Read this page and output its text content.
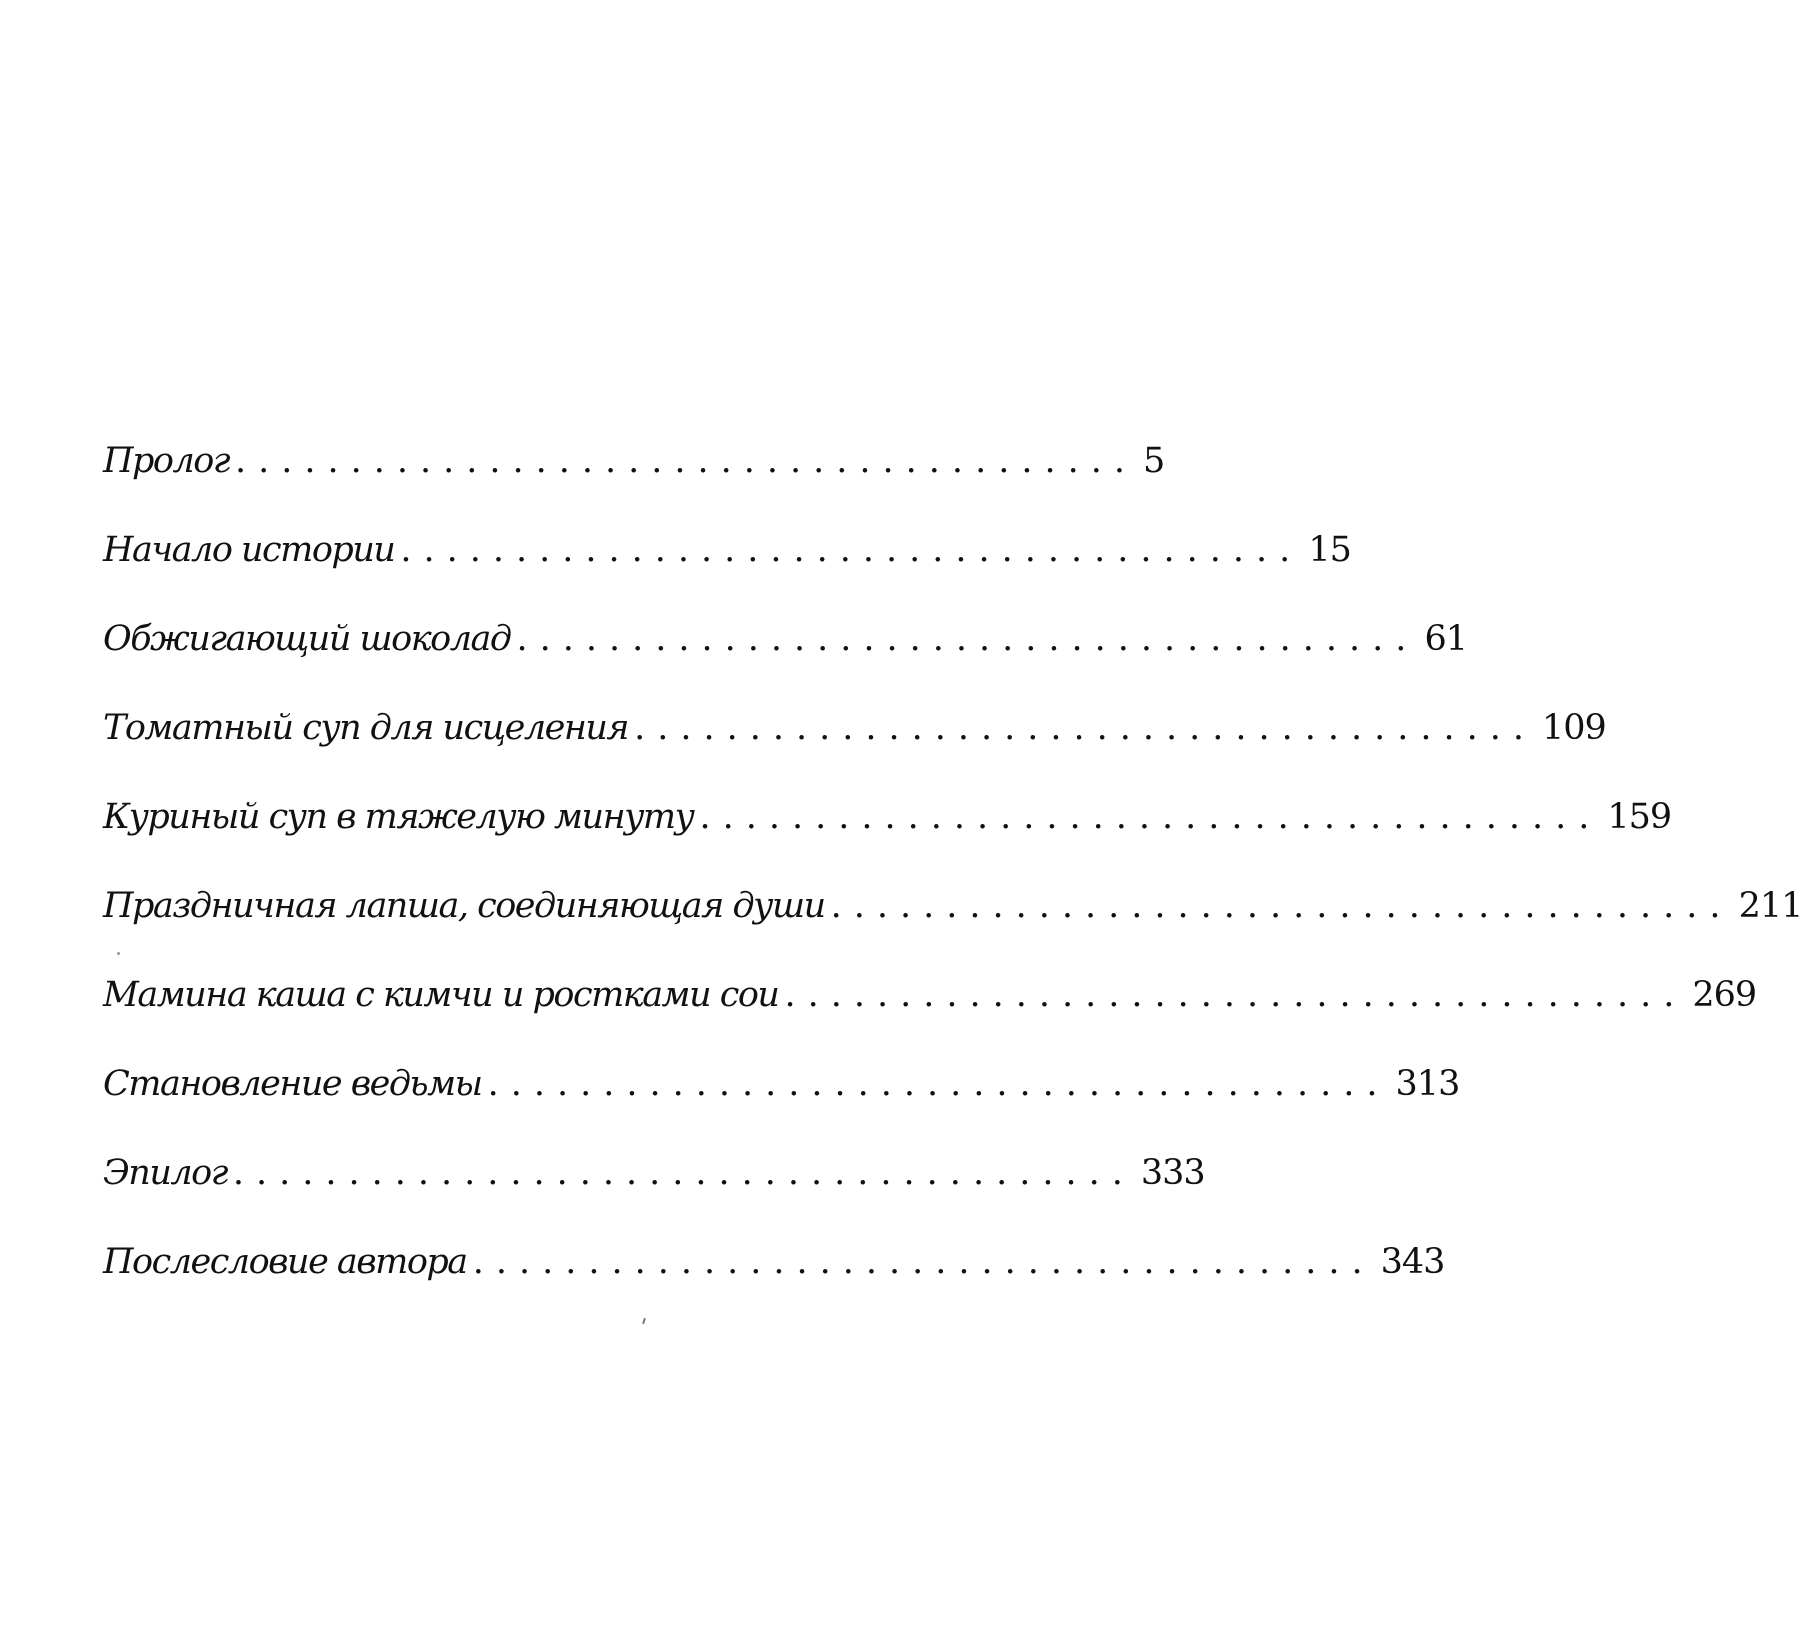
Пролог ....................................... 5
Начало истории ....................................... 15
Обжигающий шоколад ....................................... 61
Томатный суп для исцеления ....................................... 109
Куриный суп в тяжелую минуту ....................................... 159
Праздничная лапша, соединяющая души ....................................... 211
Мамина каша с кимчи и ростками сои ....................................... 269
Становление ведьмы ....................................... 313
Эпилог ....................................... 333
Послесловие автора ....................................... 343
